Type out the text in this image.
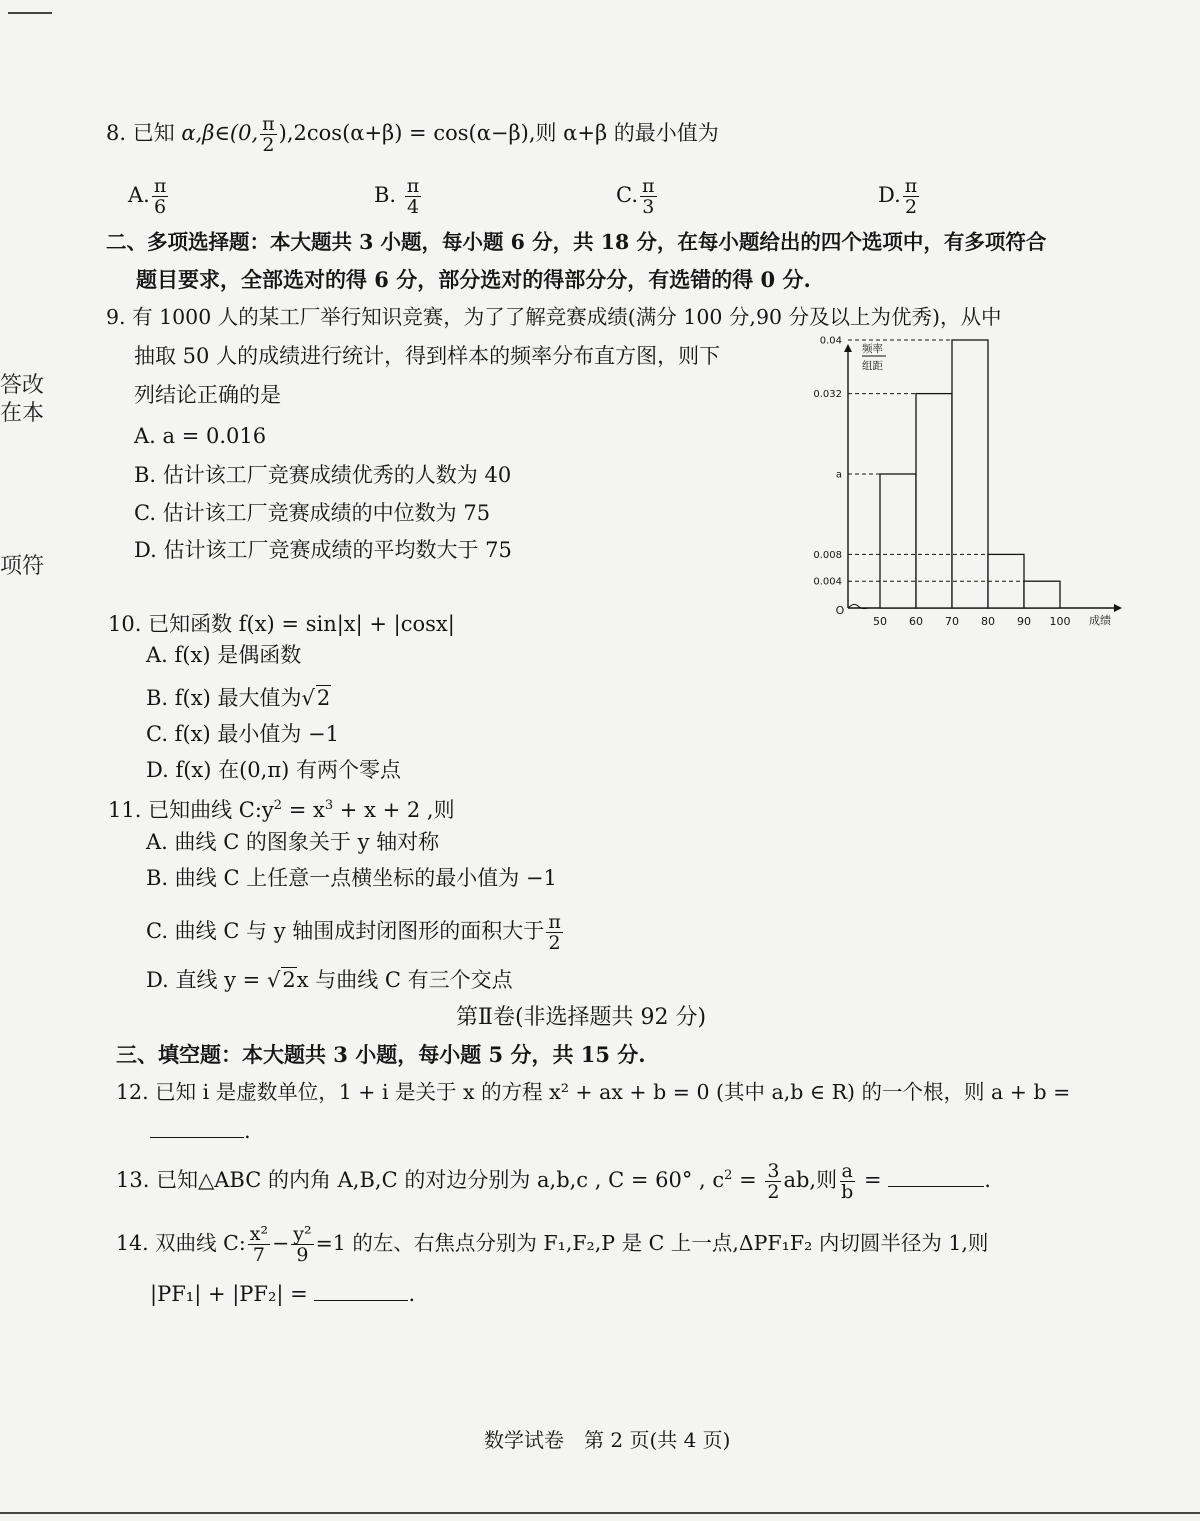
答改
在本
项符
8. 已知 α,β∈(0, $\frac{\pi}{2} ),2\cos(\alpha+\beta) = \cos(\alpha-\beta)$,则 α+β 的最小值为
A. $\frac{\pi}{6}$	B. $\frac{\pi}{4}$	C. $\frac{\pi}{3}$	D. $\frac{\pi}{2}$
二、多项选择题：本大题共 3 小题，每小题 6 分，共 18 分，在每小题给出的四个选项中，有多项符合
题目要求，全部选对的得 6 分，部分选对的得部分分，有选错的得 0 分.
9. 有 1000 人的某工厂举行知识竞赛，为了了解竞赛成绩(满分 100 分,90 分及以上为优秀)，从中
抽取 50 人的成绩进行统计，得到样本的频率分布直方图，则下
列结论正确的是
A. a = 0.016
B. 估计该工厂竞赛成绩优秀的人数为 40
C. 估计该工厂竞赛成绩的中位数为 75
D. 估计该工厂竞赛成绩的平均数大于 75
频率
组距
0.04
0.032
a
0.008
0.004
50 60 70 80 90 100
O
成绩
10. 已知函数 f(x) = sin|x| + |cosx|
A. f(x) 是偶函数
B. f(x) 最大值为√2
C. f(x) 最小值为 −1
D. f(x) 在(0,π) 有两个零点
11. 已知曲线 $C:y^2 = x^3 + x + 2$ ,则
A. 曲线 C 的图象关于 y 轴对称
B. 曲线 C 上任意一点横坐标的最小值为 −1
C. 曲线 C 与 y 轴围成封闭图形的面积大于 $\frac{\pi}{2}$
D. 直线 y = √2x 与曲线 C 有三个交点
第Ⅱ卷(非选择题共 92 分)
三、填空题：本大题共 3 小题，每小题 5 分，共 15 分.
12. 已知 i 是虚数单位，1 + i 是关于 x 的方程 x² + ax + b = 0 (其中 a,b ∈ R) 的一个根，则 a + b =
.
13. 已知△ABC 的内角 A,B,C 的对边分别为 a,b,c , C = 60° , $c^2 = \frac{3}{2}$ ab,则 $\frac{a}{b}$ =	.
14. 双曲线 C: $\frac{\text{x²}}{7} - \frac{\text{y²}}{9} =1$ 的左、右焦点分别为 F₁,F₂,P 是 C 上一点,ΔPF₁F₂ 内切圆半径为 1,则
|PF₁| + |PF₂| =	.
数学试卷　第 2 页(共 4 页)
